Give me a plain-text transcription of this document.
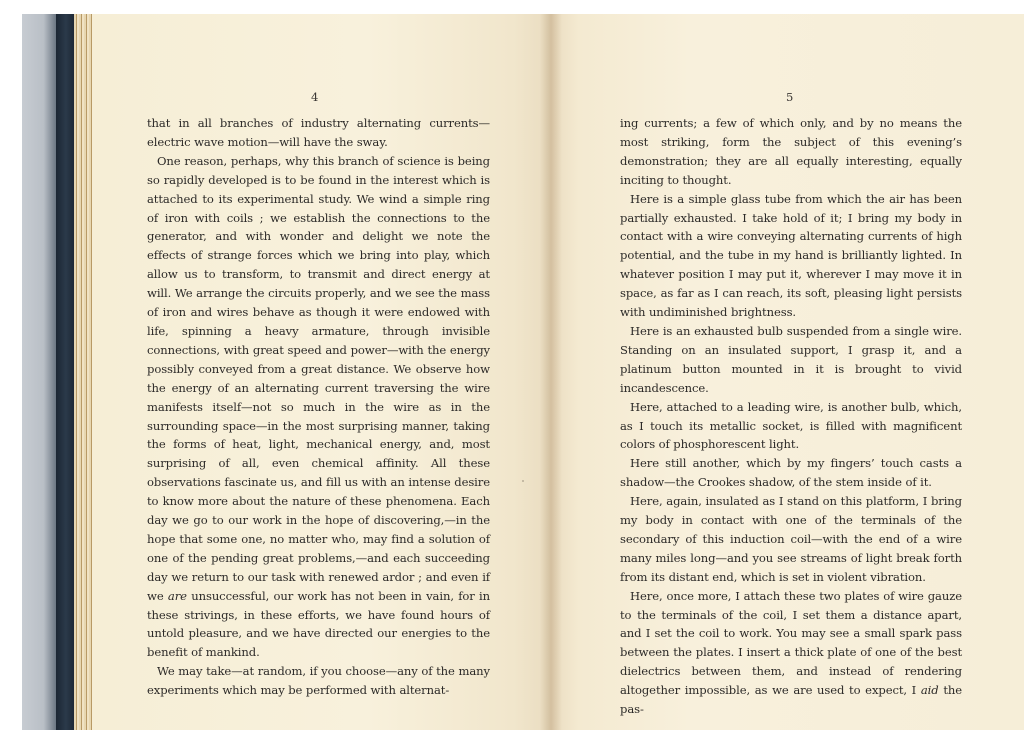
4

that in all branches of industry alternating currents—electric wave motion—will have the sway.

One reason, perhaps, why this branch of science is being so rapidly developed is to be found in the interest which is attached to its experimental study. We wind a simple ring of iron with coils ; we establish the connections to the generator, and with wonder and delight we note the effects of strange forces which we bring into play, which allow us to transform, to transmit and direct energy at will. We arrange the circuits properly, and we see the mass of iron and wires behave as though it were endowed with life, spinning a heavy armature, through invisible connections, with great speed and power—with the energy possibly conveyed from a great distance. We observe how the energy of an alternating current traversing the wire manifests itself—not so much in the wire as in the surrounding space—in the most surprising manner, taking the forms of heat, light, mechanical energy, and, most surprising of all, even chemical affinity. All these observations fascinate us, and fill us with an intense desire to know more about the nature of these phenomena. Each day we go to our work in the hope of discovering,—in the hope that some one, no matter who, may find a solution of one of the pending great problems,—and each succeeding day we return to our task with renewed ardor ; and even if we are unsuccessful, our work has not been in vain, for in these strivings, in these efforts, we have found hours of untold pleasure, and we have directed our energies to the benefit of mankind.

We may take—at random, if you choose—any of the many experiments which may be performed with alternat-

5

ing currents; a few of which only, and by no means the most striking, form the subject of this evening’s demonstration; they are all equally interesting, equally inciting to thought.

Here is a simple glass tube from which the air has been partially exhausted. I take hold of it; I bring my body in contact with a wire conveying alternating currents of high potential, and the tube in my hand is brilliantly lighted. In whatever position I may put it, wherever I may move it in space, as far as I can reach, its soft, pleasing light persists with undiminished brightness.

Here is an exhausted bulb suspended from a single wire. Standing on an insulated support, I grasp it, and a platinum button mounted in it is brought to vivid incandescence.

Here, attached to a leading wire, is another bulb, which, as I touch its metallic socket, is filled with magnificent colors of phosphorescent light.

Here still another, which by my fingers’ touch casts a shadow—the Crookes shadow, of the stem inside of it.

Here, again, insulated as I stand on this platform, I bring my body in contact with one of the terminals of the secondary of this induction coil—with the end of a wire many miles long—and you see streams of light break forth from its distant end, which is set in violent vibration.

Here, once more, I attach these two plates of wire gauze to the terminals of the coil, I set them a distance apart, and I set the coil to work. You may see a small spark pass between the plates. I insert a thick plate of one of the best dielectrics between them, and instead of rendering altogether impossible, as we are used to expect, I aid the pas-
